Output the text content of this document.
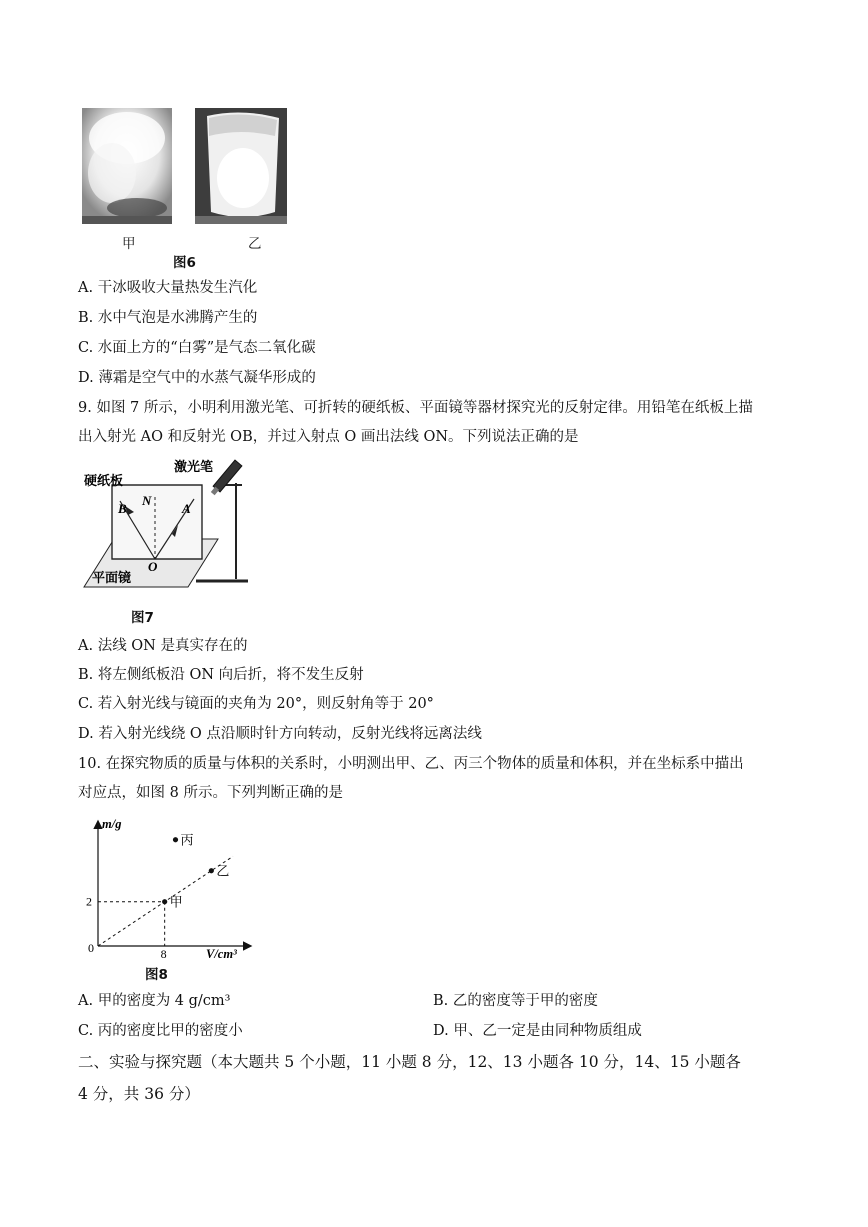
甲	乙
图6
A. 干冰吸收大量热发生汽化
B. 水中气泡是水沸腾产生的
C. 水面上方的“白雾”是气态二氧化碳
D. 薄霜是空气中的水蒸气凝华形成的
9. 如图 7 所示，小明利用激光笔、可折转的硬纸板、平面镜等器材探究光的反射定律。用铅笔在纸板上描
出入射光 AO 和反射光 OB，并过入射点 O 画出法线 ON。下列说法正确的是
B
N
A
O
硬纸板
激光笔
平面镜
图7
A. 法线 ON 是真实存在的
B. 将左侧纸板沿 ON 向后折，将不发生反射
C. 若入射光线与镜面的夹角为 20°，则反射角等于 20°
D. 若入射光线绕 O 点沿顺时针方向转动，反射光线将远离法线
10. 在探究物质的质量与体积的关系时，小明测出甲、乙、丙三个物体的质量和体积，并在坐标系中描出
对应点，如图 8 所示。下列判断正确的是
甲
乙
丙
m/g
V/cm³
0
2
8
图8
A. 甲的密度为 4 g/cm³	B. 乙的密度等于甲的密度
C. 丙的密度比甲的密度小	D. 甲、乙一定是由同种物质组成
二、实验与探究题（本大题共 5 个小题，11 小题 8 分，12、13 小题各 10 分，14、15 小题各
4 分，共 36 分）
